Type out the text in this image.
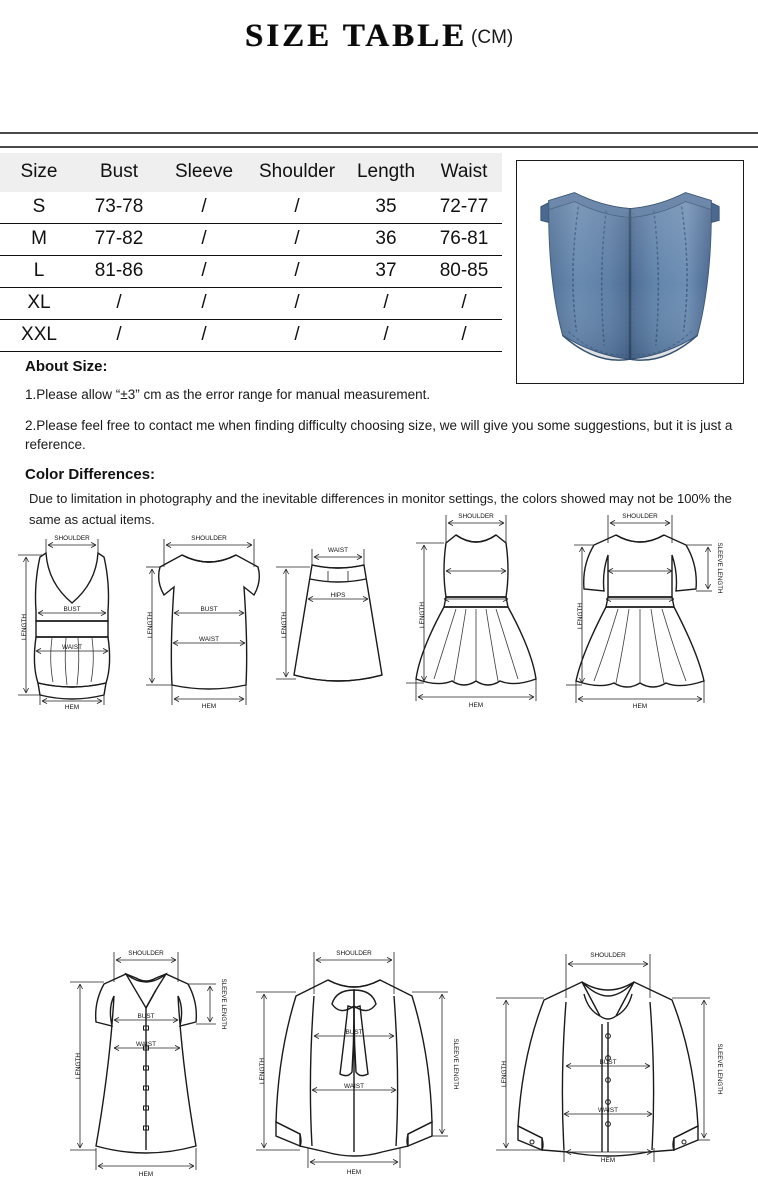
SIZE TABLE (CM)
Size	Bust	Sleeve	Shoulder	Length	Waist
S	73-78	/	/	35	72-77
M	77-82	/	/	36	76-81
L	81-86	/	/	37	80-85
XL	/	/	/	/	/
XXL	/	/	/	/	/
About Size:
1.Please allow “±3” cm as the error range for manual measurement.
2.Please feel free to contact me when finding difficulty choosing size, we will give you some suggestions, but it is just a reference.
Color Differences:
Due to limitation in photography and the inevitable differences in monitor settings, the colors showed may not be 100% the same as actual items.
SHOULDER
LENGTH
BUST
WAIST
HEM
SHOULDER
LENGTH
BUST
WAIST
HEM
WAIST
HIPS
LENGTH
SHOULDER
LENGTH
HEM
SHOULDER
SLEEVE LENGTH
LENGTH
HEM
SHOULDER
SLEEVE LENGTH
BUST
WAIST
LENGTH
HEM
SHOULDER
BUST
WAIST	SLEEVE LENGTH
LENGTH
HEM
SHOULDER
BUST
WAIST
SLEEVE LENGTH
LENGTH
HEM
